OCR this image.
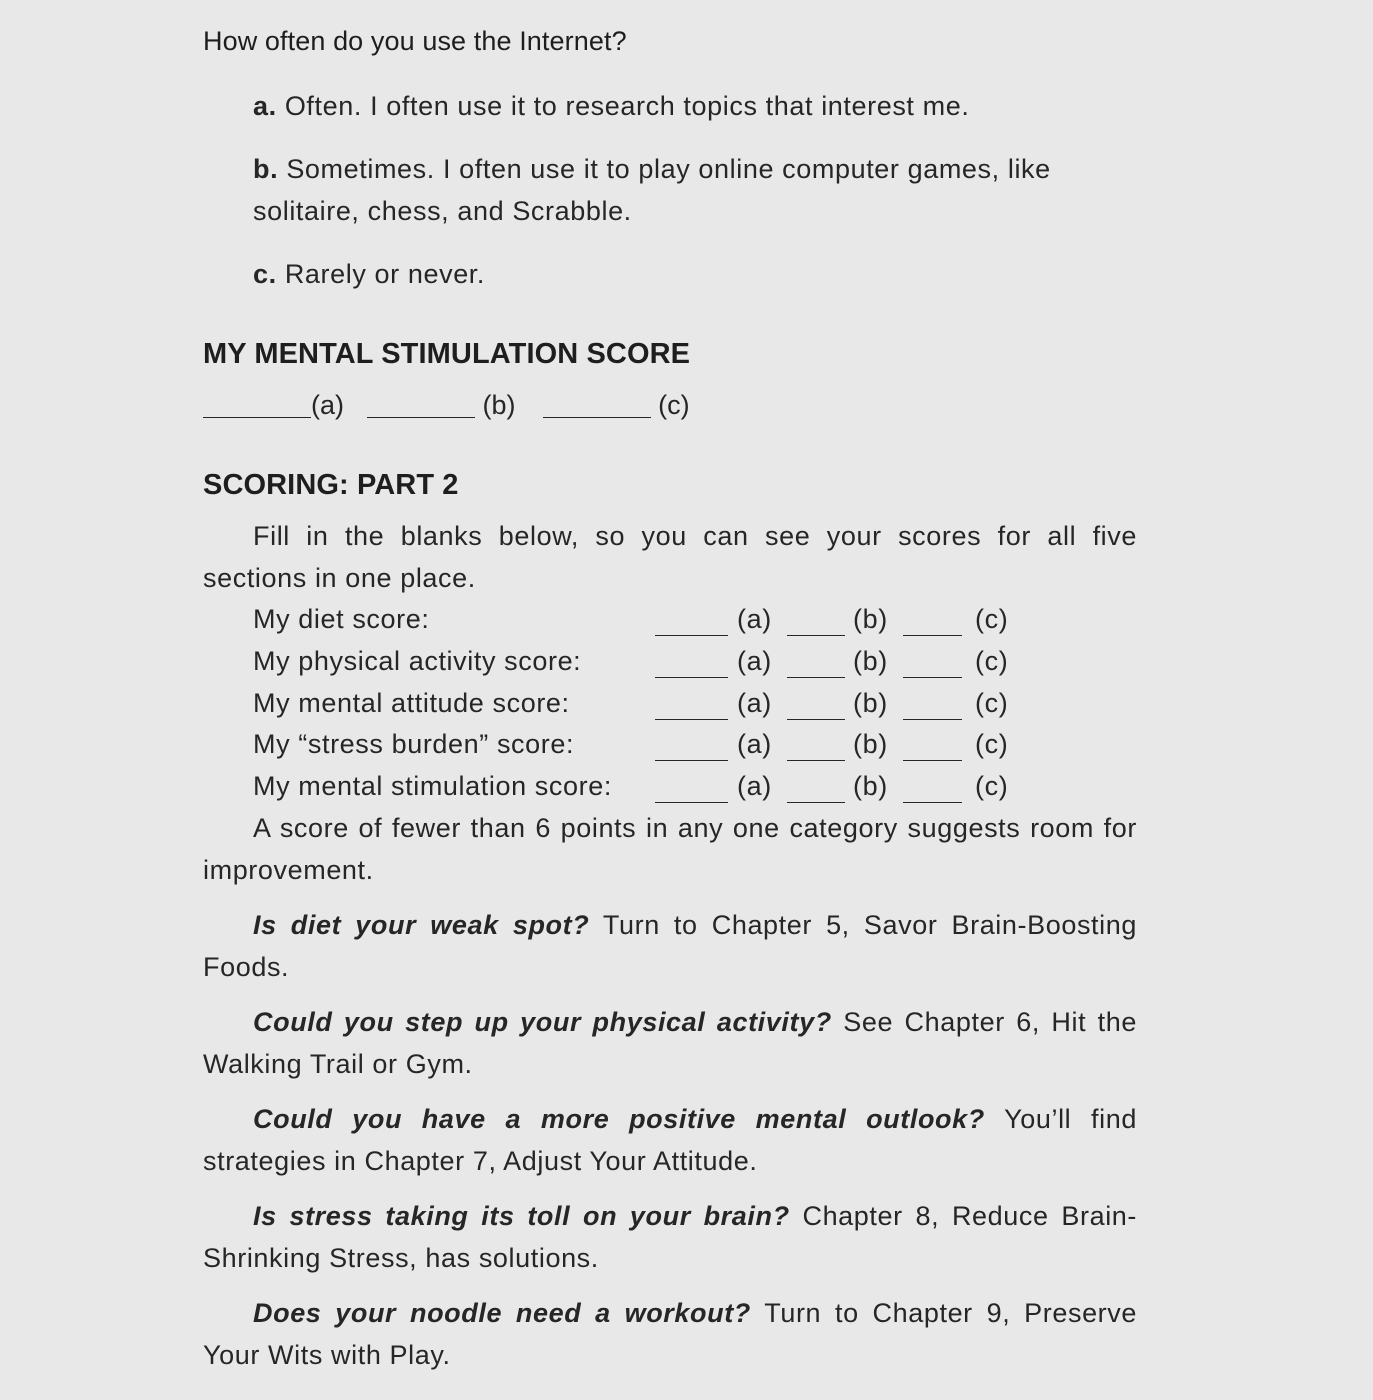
How often do you use the Internet?
a. Often. I often use it to research topics that interest me.
b. Sometimes. I often use it to play online computer games, like solitaire, chess, and Scrabble.
c. Rarely or never.
MY MENTAL STIMULATION SCORE
(a)	(b)	(c)
SCORING: PART 2
Fill in the blanks below, so you can see your scores for all five sections in one place.
My diet score:	(a)	(b)	(c)
My physical activity score:	(a)	(b)	(c)
My mental attitude score:	(a)	(b)	(c)
My “stress burden” score:	(a)	(b)	(c)
My mental stimulation score:	(a)	(b)	(c)
A score of fewer than 6 points in any one category suggests room for improvement.
Is diet your weak spot? Turn to Chapter 5, Savor Brain-Boosting Foods.
Could you step up your physical activity? See Chapter 6, Hit the Walking Trail or Gym.
Could you have a more positive mental outlook? You’ll find strategies in Chapter 7, Adjust Your Attitude.
Is stress taking its toll on your brain? Chapter 8, Reduce Brain-Shrinking Stress, has solutions.
Does your noodle need a workout? Turn to Chapter 9, Preserve Your Wits with Play.
